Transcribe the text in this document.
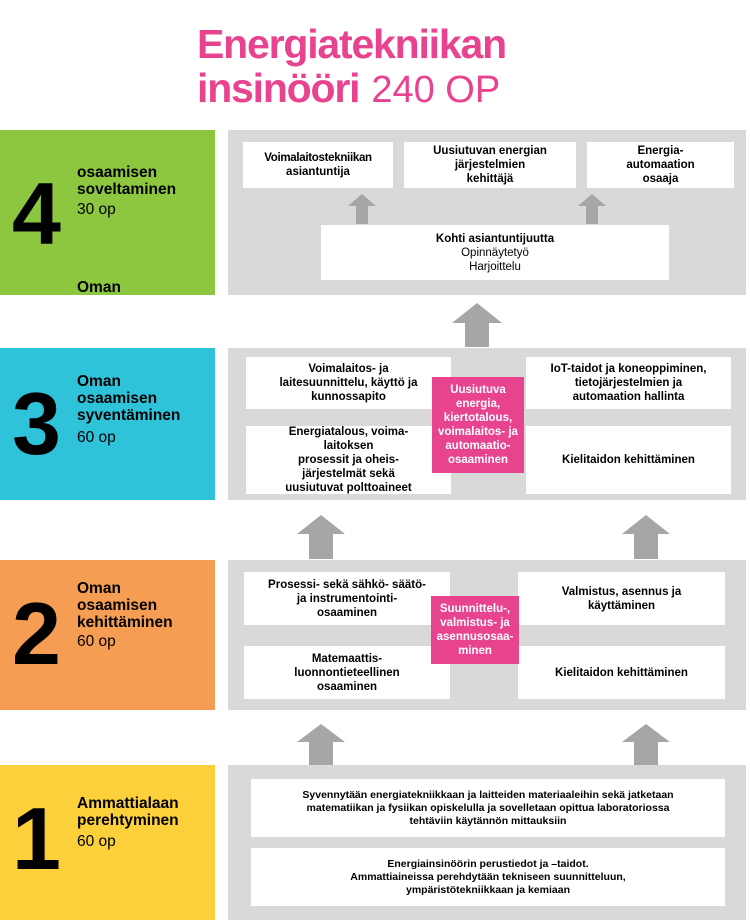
Energiatekniikan
insinööri 240 OP
4
Oman
osaamisen
soveltaminen
30 op
Voimalaitostekniikan
asiantuntija
Uusiutuvan energian
järjestelmien
kehittäjä
Energia-
automaation
osaaja
Kohti asiantuntijuutta
Opinnäytetyö
Harjoittelu
3 Oman
osaamisen
syventäminen
60 op
Voimalaitos- ja
laitesuunnittelu, käyttö ja
kunnossapito
Energiatalous, voima-
laitoksen
prosessit ja oheis-
järjestelmät sekä
uusiutuvat polttoaineet
IoT-taidot ja koneoppiminen,
tietojärjestelmien ja
automaation hallinta
Kielitaidon kehittäminen
Uusiutuva
energia,
kiertotalous,
voimalaitos- ja
automaatio-
osaaminen
2 Oman
osaamisen
kehittäminen
60 op
Prosessi- sekä sähkö- säätö-
ja instrumentointi-
osaaminen
Matemaattis-
luonnontieteellinen
osaaminen
Valmistus, asennus ja
käyttäminen
Kielitaidon kehittäminen
Suunnittelu-,
valmistus- ja
asennusosaa-
minen
1 Ammattialaan
perehtyminen
60 op
Syvennytään energiatekniikkaan ja laitteiden materiaaleihin sekä jatketaan
matematiikan ja fysiikan opiskelulla ja sovelletaan opittua laboratoriossa
tehtäviin käytännön mittauksiin
Energiainsinöörin perustiedot ja –taidot.
Ammattiaineissa perehdytään tekniseen suunnitteluun,
ympäristötekniikkaan ja kemiaan
